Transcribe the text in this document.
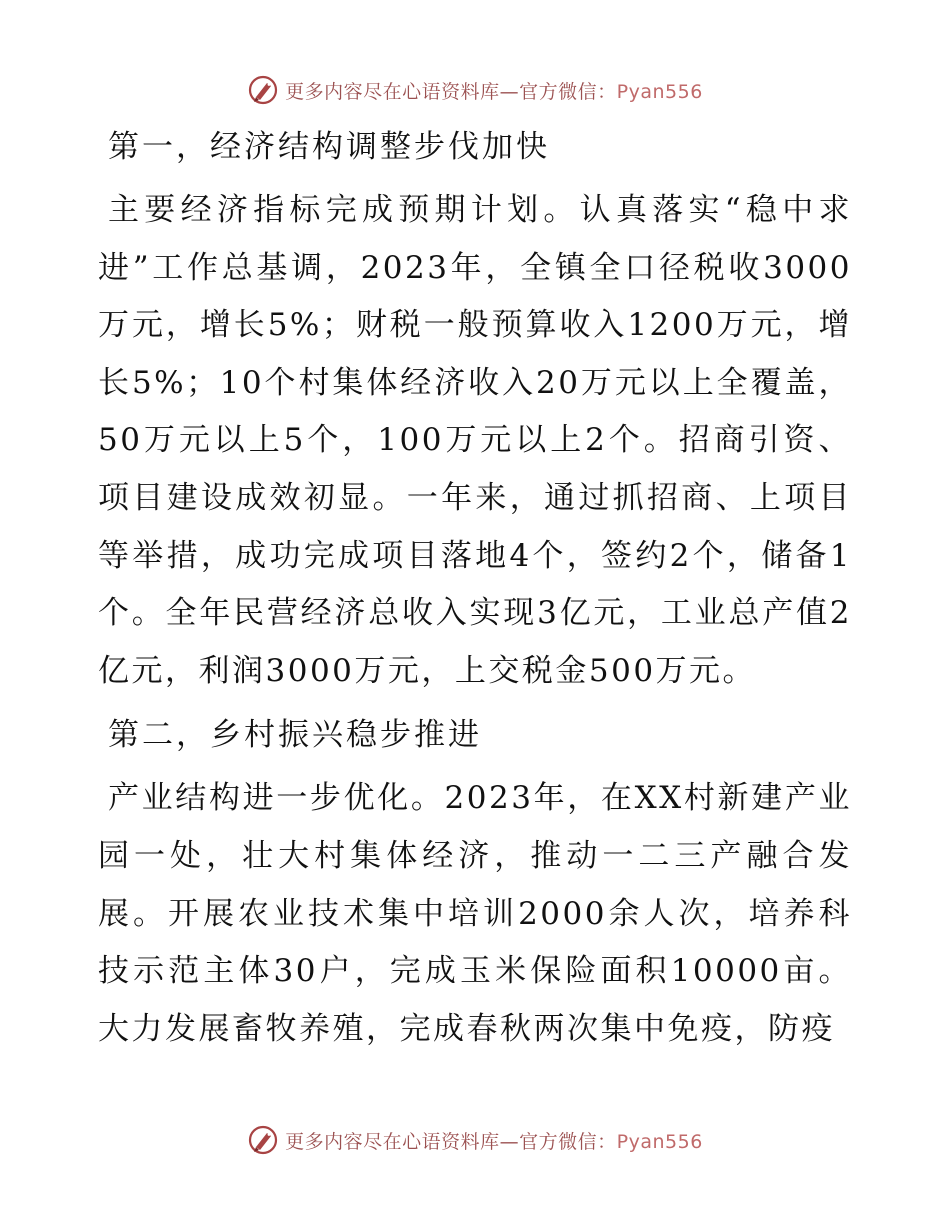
更多内容尽在心语资料库—官方微信：Pyan556
第一，经济结构调整步伐加快

主要经济指标完成预期计划。认真落实“稳中求进”工作总基调，2023年，全镇全口径税收3000万元，增长5%；财税一般预算收入1200万元，增长5%；10个村集体经济收入20万元以上全覆盖，50万元以上5个，100万元以上2个。招商引资、项目建设成效初显。一年来，通过抓招商、上项目等举措，成功完成项目落地4个，签约2个，储备1个。全年民营经济总收入实现3亿元，工业总产值2亿元，利润3000万元，上交税金500万元。

第二，乡村振兴稳步推进

产业结构进一步优化。2023年，在XX村新建产业园一处，壮大村集体经济，推动一二三产融合发展。开展农业技术集中培训2000余人次，培养科技示范主体30户，完成玉米保险面积10000亩。大力发展畜牧养殖，完成春秋两次集中免疫，防疫

更多内容尽在心语资料库—官方微信：Pyan556
